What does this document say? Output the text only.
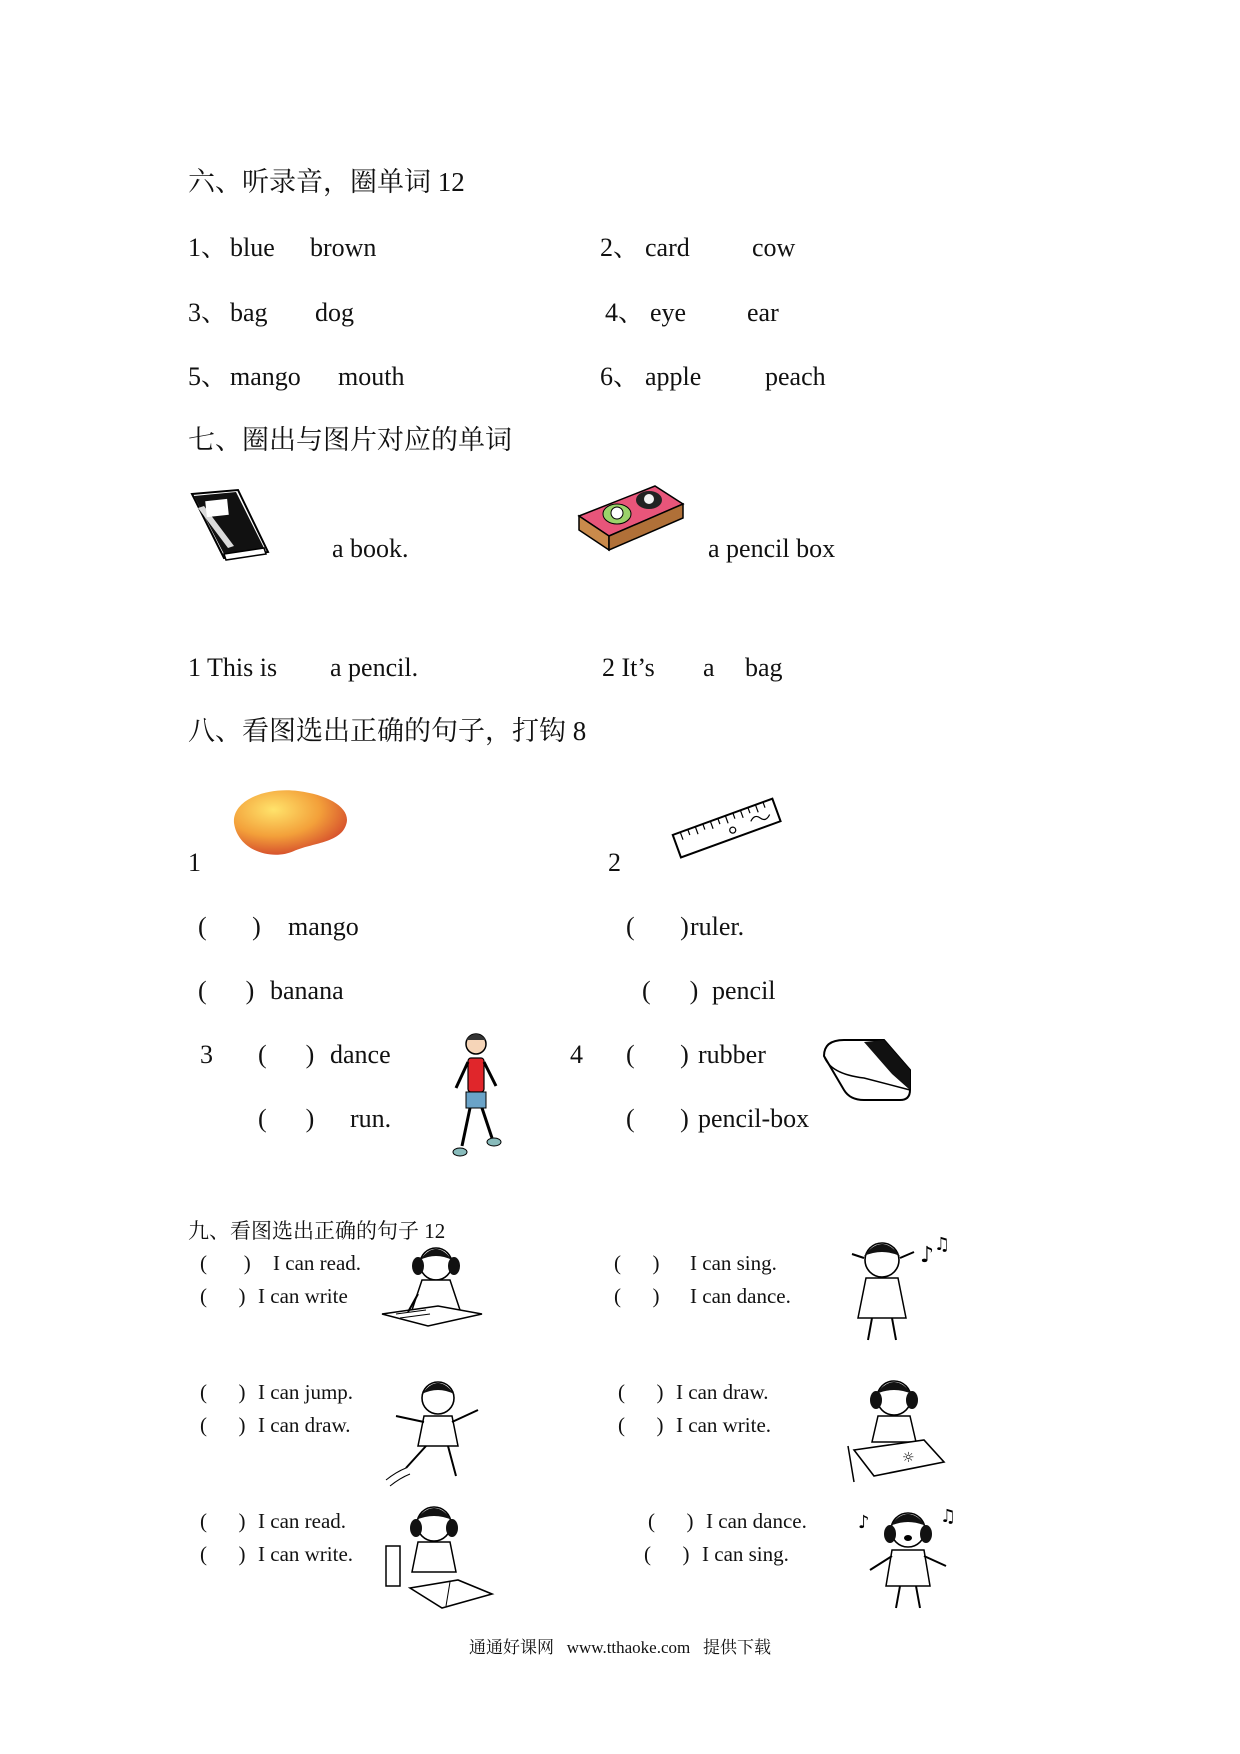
六、听录音，圈单词 12
1、 blue brown	2、 card cow
3、 bag dog	4、 eye ear
5、 mango mouth	6、 apple peach
七、圈出与图片对应的单词
a book.	a pencil box
1 This is a pencil.	2 It’s a bag
八、看图选出正确的句子，打钩 8
1	2
(       ) mango	(       ) ruler.
(      ) banana	(      ) pencil
3 (      ) dance
(      ) run.
4 (       ) rubber
(       ) pencil-box
九、看图选出正确的句子 12
(       ) I can read.
(      ) I can write
(      ) I can sing.
(      ) I can dance.
♪ ♫
(      ) I can jump.
(      ) I can draw.
(      ) I can draw.
(      ) I can write.
☼
(      ) I can read.
(      ) I can write.
(      ) I can dance.
(      ) I can sing.
♪	♫
通通好课网   www.tthaoke.com   提供下载
